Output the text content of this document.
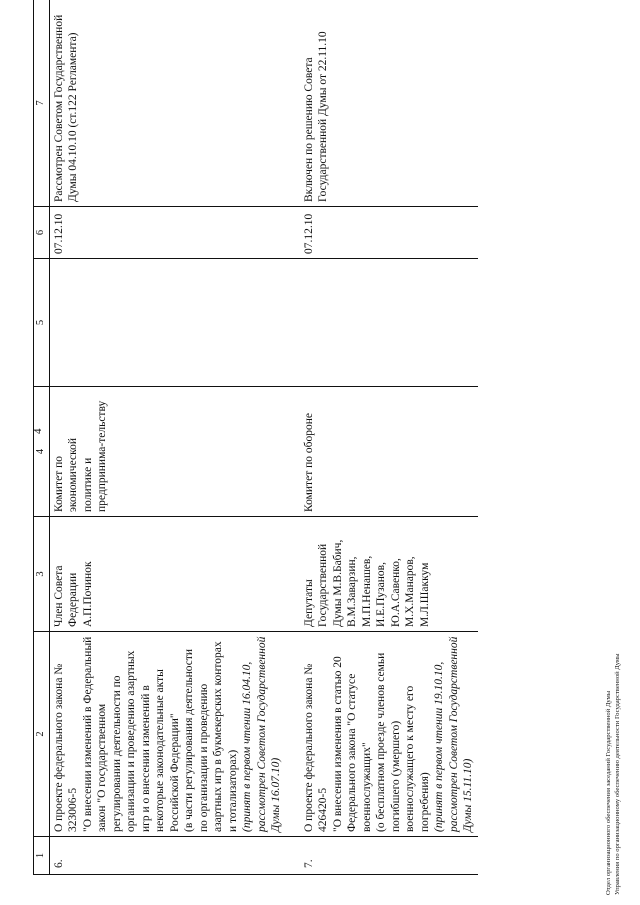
4
1	2	3	4	5	6	7
6.	О проекте федерального закона № 323006-5 "О внесении изменений в Федеральный закон "О государственном регулировании деятельности по организации и проведению азартных игр и о внесении изменений в некоторые законодательные акты Российской Федерации" (в части регулирования деятельности по организации и проведению азартных игр в букмекерских конторах и тотализаторах) (принят в первом чтении 16.04.10, рассмотрен Советом Государственной Думы 16.07.10)	Член Совета Федерации А.П.Починок	Комитет по экономической политике и предпринима-тельству		07.12.10	Рассмотрен Советом Государственной Думы 04.10.10 (ст.122 Регламента)
7.	О проекте федерального закона № 426420-5 "О внесении изменения в статью 20 Федерального закона "О статусе военнослужащих" (о бесплатном проезде членов семьи погибшего (умершего) военнослужащего к месту его погребения) (принят в первом чтении 19.10.10, рассмотрен Советом Государственной Думы 15.11.10)	Депутаты Государственной Думы М.В.Бабич, В.М.Заварзин, М.П.Ненашев, И.Е.Пузанов, Ю.А.Савенко, М.Х.Манаров, М.Л.Шаккум	Комитет по обороне		07.12.10	Включен по решению Совета Государственной Думы от 22.11.10
Отдел организационного обеспечения заседаний Государственной Думы Управления по организационному обеспечению деятельности Государственной Думы
